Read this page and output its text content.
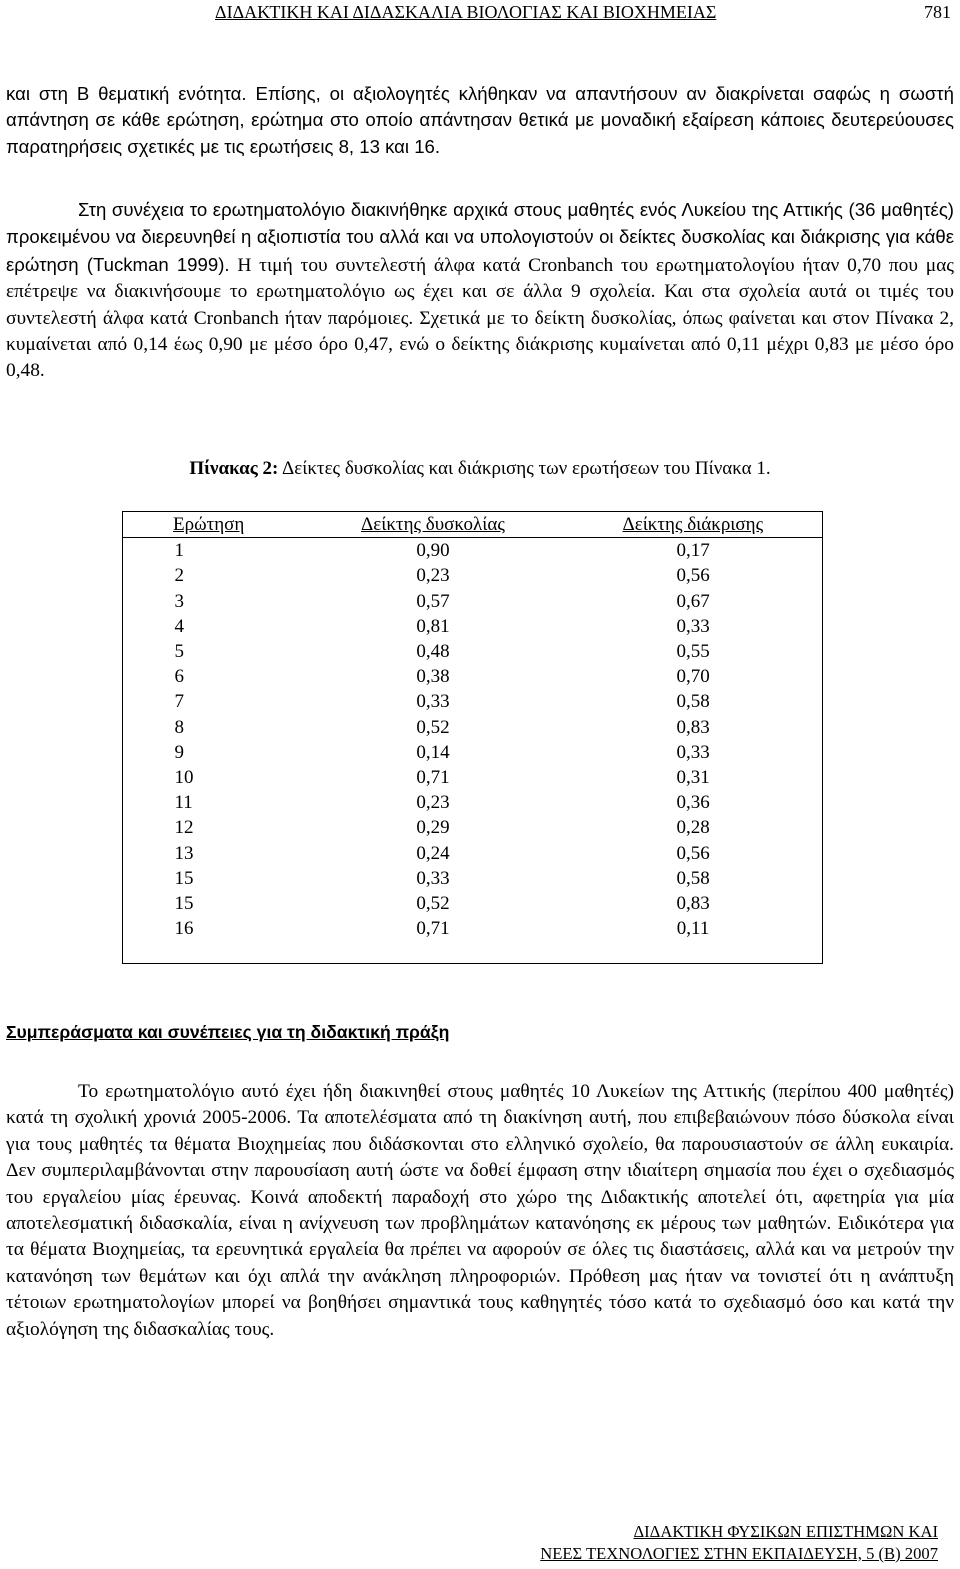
ΔΙΔΑΚΤΙΚΗ ΚΑΙ ΔΙΔΑΣΚΑΛΙΑ ΒΙΟΛΟΓΙΑΣ ΚΑΙ ΒΙΟΧΗΜΕΙΑΣ	781

και στη Β θεματική ενότητα. Επίσης, οι αξιολογητές κλήθηκαν να απαντήσουν αν διακρίνεται σαφώς η σωστή απάντηση σε κάθε ερώτηση, ερώτημα στο οποίο απάντησαν θετικά με μοναδική εξαίρεση κάποιες δευτερεύουσες παρατηρήσεις σχετικές με τις ερωτήσεις 8, 13 και 16.

Στη συνέχεια το ερωτηματολόγιο διακινήθηκε αρχικά στους μαθητές ενός Λυκείου της Αττικής (36 μαθητές) προκειμένου να διερευνηθεί η αξιοπιστία του αλλά και να υπολογιστούν οι δείκτες δυσκολίας και διάκρισης για κάθε ερώτηση (Tuckman 1999). Η τιμή του συντελεστή άλφα κατά Cronbanch του ερωτηματολογίου ήταν 0,70 που μας επέτρεψε να διακινήσουμε το ερωτηματολόγιο ως έχει και σε άλλα 9 σχολεία. Και στα σχολεία αυτά οι τιμές του συντελεστή άλφα κατά Cronbanch ήταν παρόμοιες. Σχετικά με το δείκτη δυσκολίας, όπως φαίνεται και στον Πίνακα 2, κυμαίνεται από 0,14 έως 0,90 με μέσο όρο 0,47, ενώ ο δείκτης διάκρισης κυμαίνεται από 0,11 μέχρι 0,83 με μέσο όρο 0,48.

Πίνακας 2: Δείκτες δυσκολίας και διάκρισης των ερωτήσεων του Πίνακα 1.
Ερώτηση	Δείκτης δυσκολίας	Δείκτης διάκρισης
1	0,90	0,17
2	0,23	0,56
3	0,57	0,67
4	0,81	0,33
5	0,48	0,55
6	0,38	0,70
7	0,33	0,58
8	0,52	0,83
9	0,14	0,33
10	0,71	0,31
11	0,23	0,36
12	0,29	0,28
13	0,24	0,56
15	0,33	0,58
15	0,52	0,83
16	0,71	0,11
Συμπεράσματα και συνέπειες για τη διδακτική πράξη

Το ερωτηματολόγιο αυτό έχει ήδη διακινηθεί στους μαθητές 10 Λυκείων της Αττικής (περίπου 400 μαθητές) κατά τη σχολική χρονιά 2005-2006. Τα αποτελέσματα από τη διακίνηση αυτή, που επιβεβαιώνουν πόσο δύσκολα είναι για τους μαθητές τα θέματα Βιοχημείας που διδάσκονται στο ελληνικό σχολείο, θα παρουσιαστούν σε άλλη ευκαιρία. Δεν συμπεριλαμβάνονται στην παρουσίαση αυτή ώστε να δοθεί έμφαση στην ιδιαίτερη σημασία που έχει ο σχεδιασμός του εργαλείου μίας έρευνας. Κοινά αποδεκτή παραδοχή στο χώρο της Διδακτικής αποτελεί ότι, αφετηρία για μία αποτελεσματική διδασκαλία, είναι η ανίχνευση των προβλημάτων κατανόησης εκ μέρους των μαθητών. Ειδικότερα για τα θέματα Βιοχημείας, τα ερευνητικά εργαλεία θα πρέπει να αφορούν σε όλες τις διαστάσεις, αλλά και να μετρούν την κατανόηση των θεμάτων και όχι απλά την ανάκληση πληροφοριών. Πρόθεση μας ήταν να τονιστεί ότι η ανάπτυξη τέτοιων ερωτηματολογίων μπορεί να βοηθήσει σημαντικά τους καθηγητές τόσο κατά το σχεδιασμό όσο και κατά την αξιολόγηση της διδασκαλίας τους.

ΔΙΔΑΚΤΙΚΗ ΦΥΣΙΚΩΝ ΕΠΙΣΤΗΜΩΝ ΚΑΙ
ΝΕΕΣ ΤΕΧΝΟΛΟΓΙΕΣ ΣΤΗΝ ΕΚΠΑΙΔΕΥΣΗ, 5 (Β) 2007
